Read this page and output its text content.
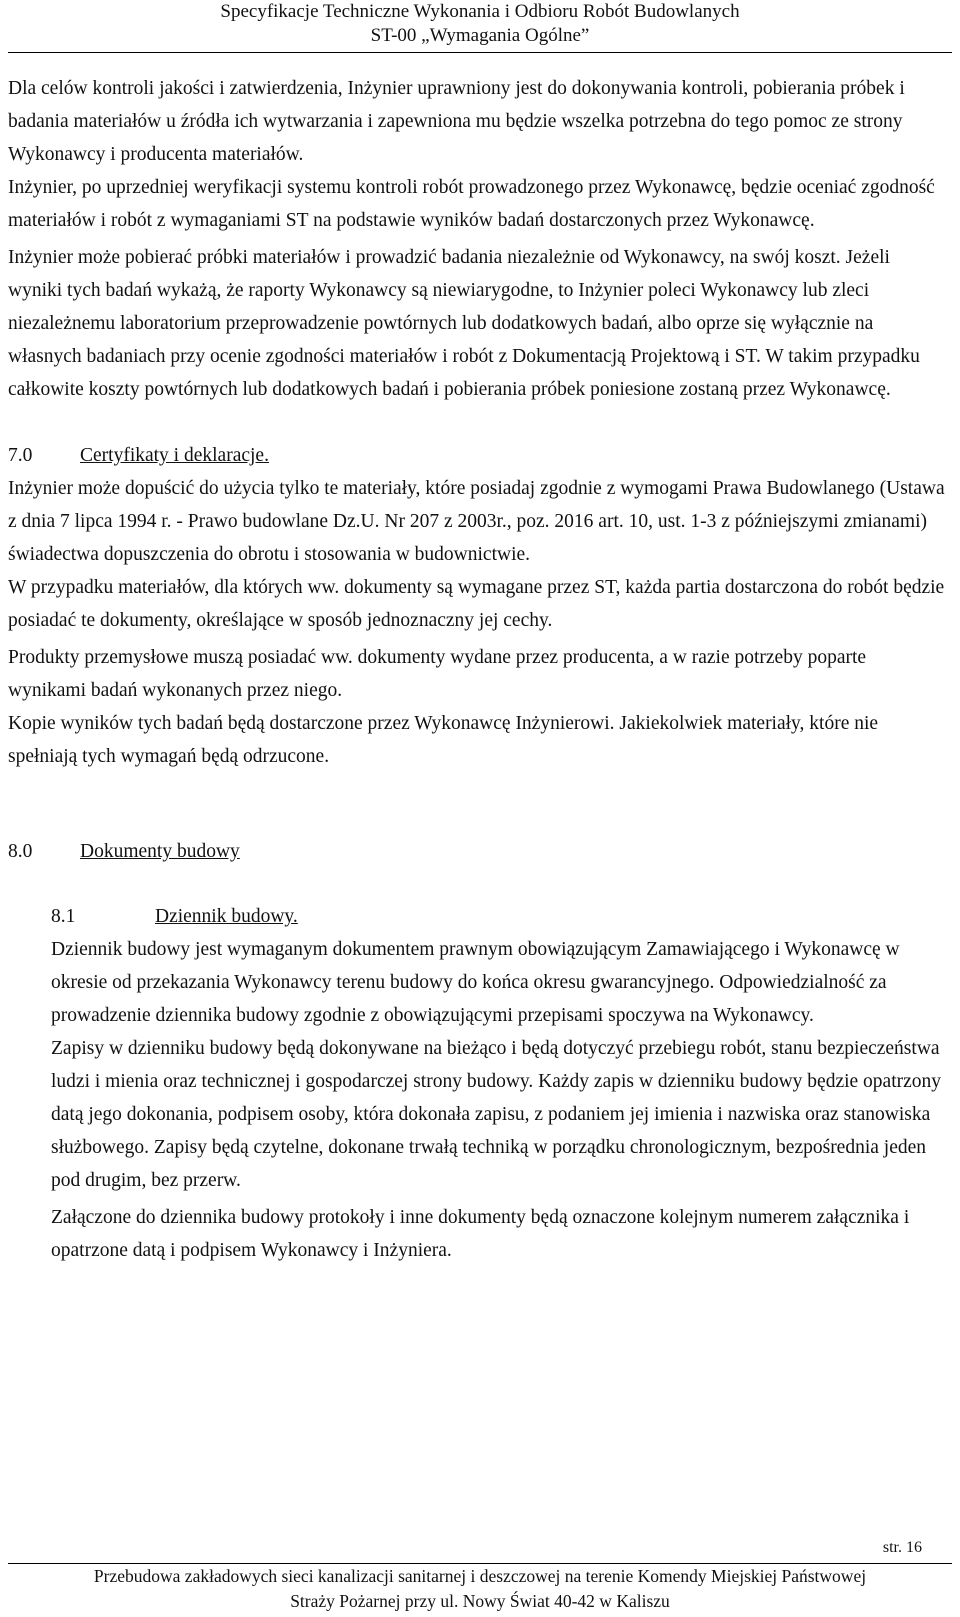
Specyfikacje Techniczne Wykonania i Odbioru Robót Budowlanych
ST-00 „Wymagania Ogólne”

Dla celów kontroli jakości i zatwierdzenia, Inżynier uprawniony jest do dokonywania kontroli, pobierania próbek i badania materiałów u źródła ich wytwarzania i zapewniona mu będzie wszelka potrzebna do tego pomoc ze strony Wykonawcy i producenta materiałów.

Inżynier, po uprzedniej weryfikacji systemu kontroli robót prowadzonego przez Wykonawcę, będzie oceniać zgodność materiałów i robót z wymaganiami ST na podstawie wyników badań dostarczonych przez Wykonawcę.

Inżynier może pobierać próbki materiałów i prowadzić badania niezależnie od Wykonawcy, na swój koszt. Jeżeli wyniki tych badań wykażą, że raporty Wykonawcy są niewiarygodne, to Inżynier poleci Wykonawcy lub zleci niezależnemu laboratorium przeprowadzenie powtórnych lub dodatkowych badań, albo oprze się wyłącznie na własnych badaniach przy ocenie zgodności materiałów i robót z Dokumentacją Projektową i ST. W takim przypadku całkowite koszty powtórnych lub dodatkowych badań i pobierania próbek poniesione zostaną przez Wykonawcę.

7.0	Certyfikaty i deklaracje.

Inżynier może dopuścić do użycia tylko te materiały, które posiadaj zgodnie z wymogami Prawa Budowlanego (Ustawa z dnia 7 lipca 1994 r. - Prawo budowlane Dz.U. Nr 207 z 2003r., poz. 2016 art. 10, ust. 1-3 z późniejszymi zmianami) świadectwa dopuszczenia do obrotu i stosowania w budownictwie.

W przypadku materiałów, dla których ww. dokumenty są wymagane przez ST, każda partia dostarczona do robót będzie posiadać te dokumenty, określające w sposób jednoznaczny jej cechy.

Produkty przemysłowe muszą posiadać ww. dokumenty wydane przez producenta, a w razie potrzeby poparte wynikami badań wykonanych przez niego.

Kopie wyników tych badań będą dostarczone przez Wykonawcę Inżynierowi. Jakiekolwiek materiały, które nie spełniają tych wymagań będą odrzucone.

8.0	Dokumenty budowy
8.1	Dziennik budowy.

Dziennik budowy jest wymaganym dokumentem prawnym obowiązującym Zamawiającego i Wykonawcę w okresie od przekazania Wykonawcy terenu budowy do końca okresu gwarancyjnego. Odpowiedzialność za prowadzenie dziennika budowy zgodnie z obowiązującymi przepisami spoczywa na Wykonawcy.

Zapisy w dzienniku budowy będą dokonywane na bieżąco i będą dotyczyć przebiegu robót, stanu bezpieczeństwa ludzi i mienia oraz technicznej i gospodarczej strony budowy. Każdy zapis w dzienniku budowy będzie opatrzony datą jego dokonania, podpisem osoby, która dokonała zapisu, z podaniem jej imienia i nazwiska oraz stanowiska służbowego. Zapisy będą czytelne, dokonane trwałą techniką w porządku chronologicznym, bezpośrednia jeden pod drugim, bez przerw.

Załączone do dziennika budowy protokoły i inne dokumenty będą oznaczone kolejnym numerem załącznika i opatrzone datą i podpisem Wykonawcy i Inżyniera.

str. 16
Przebudowa zakładowych sieci kanalizacji sanitarnej i deszczowej na terenie Komendy Miejskiej Państwowej
Straży Pożarnej przy ul. Nowy Świat 40-42 w Kaliszu
